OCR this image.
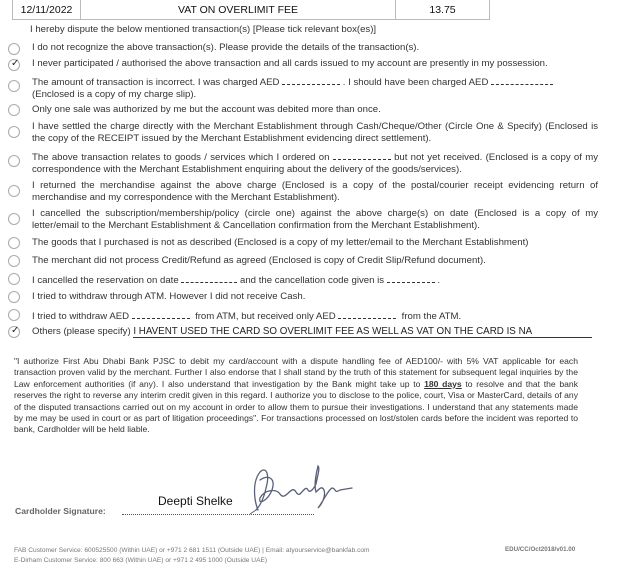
12/11/2022	VAT ON OVERLIMIT FEE	13.75
I hereby dispute the below mentioned transaction(s) [Please tick relevant box(es)]
I do not recognize the above transaction(s). Please provide the details of the transaction(s).
✓ I never participated / authorised the above transaction and all cards issued to my account are presently in my possession.
The amount of transaction is incorrect. I was charged AED	. I should have been charged AED
(Enclosed is a copy of my charge slip).
Only one sale was authorized by me but the account was debited more than once.
I have settled the charge directly with the Merchant Establishment through Cash/Cheque/Other (Circle One & Specify) (Enclosed is the copy of the RECEIPT issued by the Merchant Establishment evidencing direct settlement).
The above transaction relates to goods / services which I ordered on	but not yet received. (Enclosed is a copy of my correspondence with the Merchant Establishment enquiring about the delivery of the goods/services).
I returned the merchandise against the above charge (Enclosed is a copy of the postal/courier receipt evidencing return of merchandise and my correspondence with the Merchant Establishment).
I cancelled the subscription/membership/policy (circle one) against the above charge(s) on date (Enclosed is a copy of my letter/email to the Merchant Establishment & Cancellation confirmation from the Merchant Establishment).
The goods that I purchased is not as described (Enclosed is a copy of my letter/email to the Merchant Establishment)
The merchant did not process Credit/Refund as agreed (Enclosed is copy of Credit Slip/Refund document).
I cancelled the reservation on date	and the cancellation code given is	.
I tried to withdraw through ATM. However I did not receive Cash.
I tried to withdraw AED	from ATM, but received only AED	from the ATM.
✓ Others (please specify) I HAVENT USED THE CARD SO OVERLIMIT FEE AS WELL AS VAT ON THE CARD IS NA
"I authorize First Abu Dhabi Bank PJSC to debit my card/account with a dispute handling fee of AED100/- with 5% VAT applicable for each transaction proven valid by the merchant. Further I also endorse that I shall stand by the truth of this statement for subsequent legal inquiries by the Law enforcement authorities (if any). I also understand that investigation by the Bank might take up to 180 days to resolve and that the bank reserves the right to reverse any interim credit given in this regard. I authorize you to disclose to the police, court, Visa or MasterCard, details of any of the disputed transactions carried out on my account in order to allow them to pursue their investigations. I understand that any statements made by me may be used in court or as part of litigation proceedings". For transactions processed on lost/stolen cards before the incident was reported to bank, Cardholder will be held liable.
Cardholder Signature:
Deepti Shelke
FAB Customer Service: 600525500 (Within UAE) or +971 2 681 1511 (Outside UAE) | Email: atyourservice@bankfab.com
E-Dirham Customer Service: 800 663 (Within UAE) or +971 2 495 1000 (Outside UAE)
EDU/CC/Oct2018/v01.00
